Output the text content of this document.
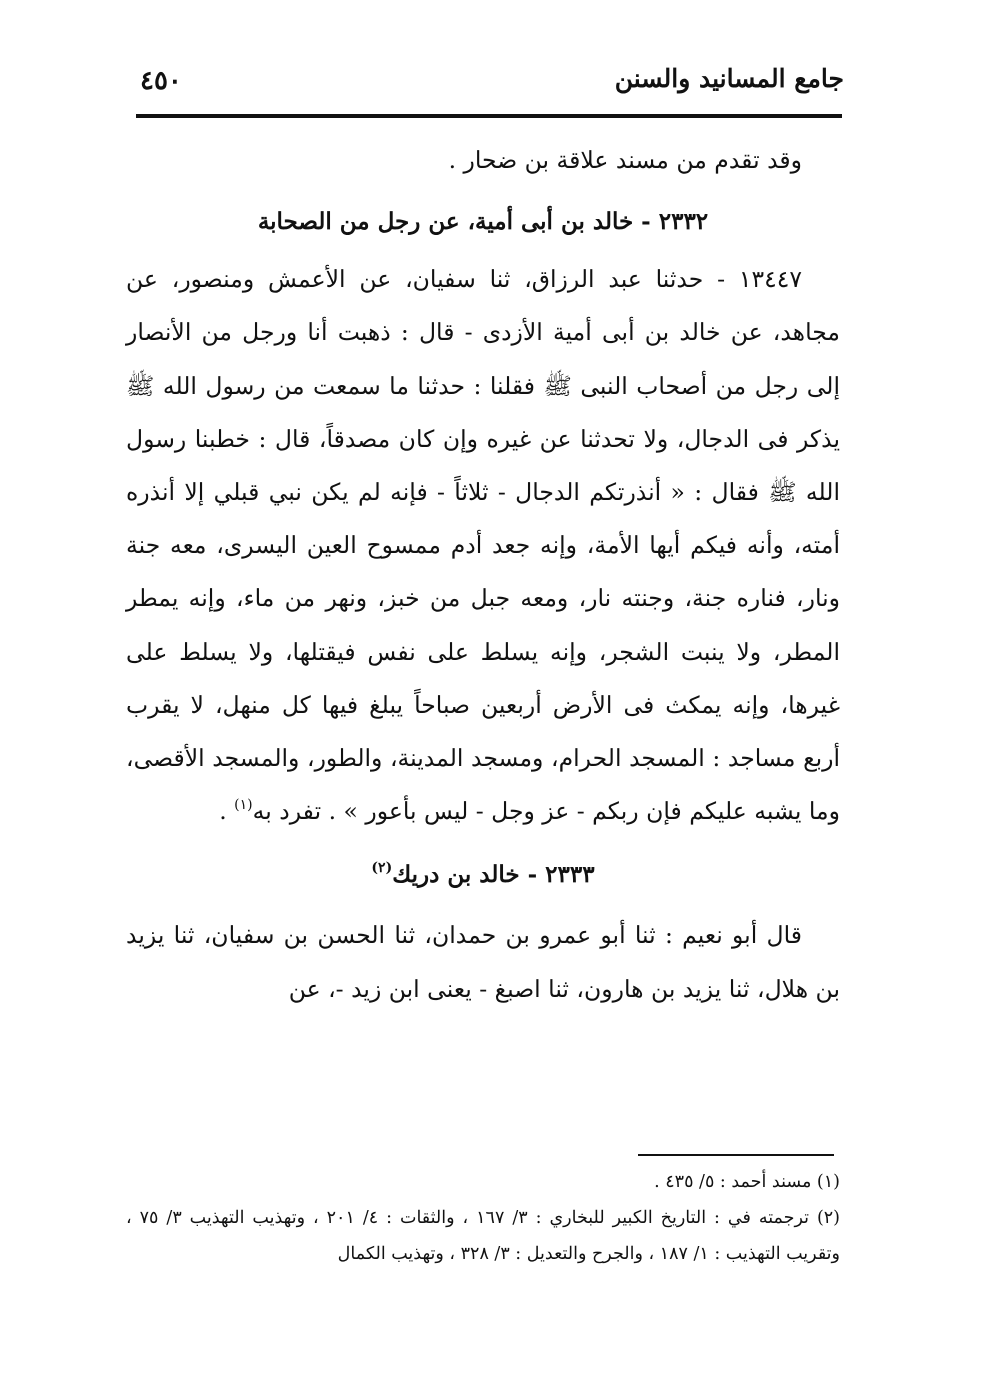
جامع المسانيد والسنن
٤٥٠

وقد تقدم من مسند علاقة بن ضحار .

٢٣٣٢ - خالد بن أبى أمية، عن رجل من الصحابة

١٣٤٤٧ - حدثنا عبد الرزاق، ثنا سفيان، عن الأعمش ومنصور، عن مجاهد، عن خالد بن أبى أمية الأزدى - قال : ذهبت أنا ورجل من الأنصار إلى رجل من أصحاب النبى ﷺ فقلنا : حدثنا ما سمعت من رسول الله ﷺ يذكر فى الدجال، ولا تحدثنا عن غيره وإن كان مصدقاً، قال : خطبنا رسول الله ﷺ فقال : « أنذرتكم الدجال - ثلاثاً - فإنه لم يكن نبي قبلي إلا أنذره أمته، وأنه فيكم أيها الأمة، وإنه جعد أدم ممسوح العين اليسرى، معه جنة ونار، فناره جنة، وجنته نار، ومعه جبل من خبز، ونهر من ماء، وإنه يمطر المطر، ولا ينبت الشجر، وإنه يسلط على نفس فيقتلها، ولا يسلط على غيرها، وإنه يمكث فى الأرض أربعين صباحاً يبلغ فيها كل منهل، لا يقرب أربع مساجد : المسجد الحرام، ومسجد المدينة، والطور، والمسجد الأقصى، وما يشبه عليكم فإن ربكم - عز وجل - ليس بأعور » . تفرد به$^{(١)}$ .

٢٣٣٣ - خالد بن دريك$^{(٢)}$

قال أبو نعيم : ثنا أبو عمرو بن حمدان، ثنا الحسن بن سفيان، ثنا يزيد بن هلال، ثنا يزيد بن هارون، ثنا اصبغ - يعنى ابن زيد -، عن

(١) مسند أحمد : ٥/ ٤٣٥ .

(٢) ترجمته في : التاريخ الكبير للبخاري : ٣/ ١٦٧ ، والثقات : ٤/ ٢٠١ ، وتهذيب التهذيب ٣/ ٧٥ ، وتقريب التهذيب : ١/ ١٨٧ ، والجرح والتعديل : ٣/ ٣٢٨ ، وتهذيب الكمال
